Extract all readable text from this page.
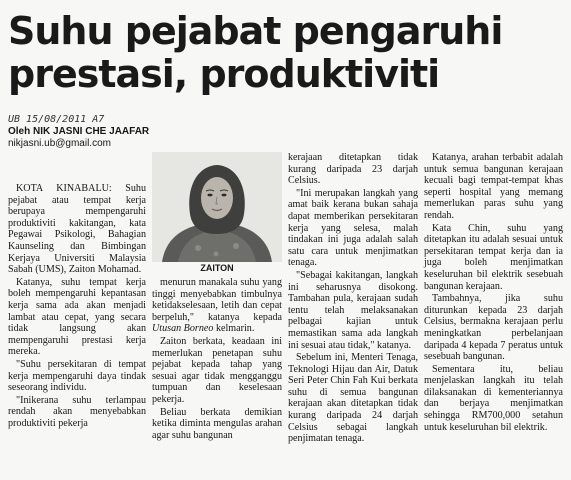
Suhu pejabat pengaruhi prestasi, produktiviti
UB 15/08/2011 A7
Oleh NIK JASNI CHE JAAFAR
nikjasni.ub@gmail.com

KOTA KINABALU: Suhu pejabat atau tempat kerja berupaya mempengaruhi produktiviti kakitangan, kata Pegawai Psikologi, Bahagian Kaunseling dan Bimbingan Kerjaya Universiti Malaysia Sabah (UMS), Zaiton Mohamad.

Katanya, suhu tempat kerja boleh mempengaruhi kepantasan kerja sama ada akan menjadi lambat atau cepat, yang secara tidak langsung akan mempengaruhi prestasi kerja mereka.

"Suhu persekitaran di tempat kerja mempengaruhi daya tindak seseorang individu.

"Inikerana suhu terlampau rendah akan menyebabkan produktiviti pekerja

ZAITON

menurun manakala suhu yang tinggi menyebabkan timbulnya ketidakselesaan, letih dan cepat berpeluh," katanya kepada Utusan Borneo kelmarin.

Zaiton berkata, keadaan ini memerlukan penetapan suhu pejabat kepada tahap yang sesuai agar tidak mengganggu tumpuan dan keselesaan pekerja.

Beliau berkata demikian ketika diminta mengulas arahan agar suhu bangunan

kerajaan ditetapkan tidak kurang daripada 23 darjah Celsius.

"Ini merupakan langkah yang amat baik kerana bukan sahaja dapat memberikan persekitaran kerja yang selesa, malah tindakan ini juga adalah salah satu cara untuk menjimatkan tenaga.

"Sebagai kakitangan, langkah ini seharusnya disokong. Tambahan pula, kerajaan sudah tentu telah melaksanakan pelbagai kajian untuk memastikan sama ada langkah ini sesuai atau tidak," katanya.

Sebelum ini, Menteri Tenaga, Teknologi Hijau dan Air, Datuk Seri Peter Chin Fah Kui berkata suhu di semua bangunan kerajaan akan ditetapkan tidak kurang daripada 24 darjah Celsius sebagai langkah penjimatan tenaga.

Katanya, arahan terbabit adalah untuk semua bangunan kerajaan kecuali bagi tempat-tempat khas seperti hospital yang memang memerlukan paras suhu yang rendah.

Kata Chin, suhu yang ditetapkan itu adalah sesuai untuk persekitaran tempat kerja dan ia juga boleh menjimatkan keseluruhan bil elektrik sesebuah bangunan kerajaan.

Tambahnya, jika suhu diturunkan kepada 23 darjah Celsius, bermakna kerajaan perlu meningkatkan perbelanjaan daripada 4 kepada 7 peratus untuk sesebuah bangunan.

Sementara itu, beliau menjelaskan langkah itu telah dilaksanakan di kementeriannya dan berjaya menjimatkan sehingga RM700,000 setahun untuk keseluruhan bil elektrik.
